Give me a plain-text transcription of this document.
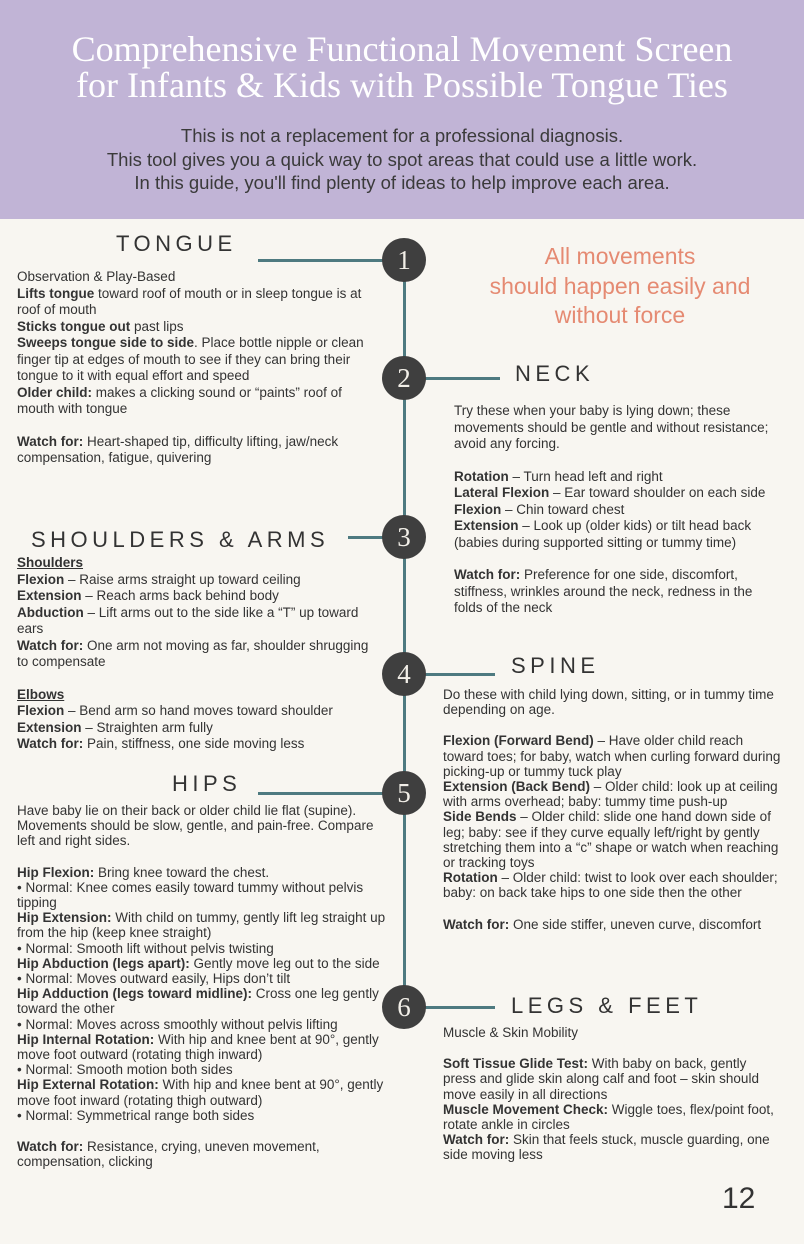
Comprehensive Functional Movement Screen
for Infants & Kids with Possible Tongue Ties
This is not a replacement for a professional diagnosis.
This tool gives you a quick way to spot areas that could use a little work.
In this guide, you'll find plenty of ideas to help improve each area.
1
2
3
4
5
6
All movements
should happen easily and
without force
TONGUE

Observation & Play-Based

Lifts tongue toward roof of mouth or in sleep tongue is at roof of mouth

Sticks tongue out past lips

Sweeps tongue side to side. Place bottle nipple or clean finger tip at edges of mouth to see if they can bring their tongue to it with equal effort and speed

Older child: makes a clicking sound or “paints” roof of mouth with tongue

Watch for: Heart-shaped tip, difficulty lifting, jaw/neck compensation, fatigue, quivering

NECK

Try these when your baby is lying down; these movements should be gentle and without resistance; avoid any forcing.

Rotation – Turn head left and right

Lateral Flexion – Ear toward shoulder on each side

Flexion – Chin toward chest

Extension – Look up (older kids) or tilt head back (babies during supported sitting or tummy time)

Watch for: Preference for one side, discomfort, stiffness, wrinkles around the neck, redness in the folds of the neck

SHOULDERS & ARMS

Shoulders

Flexion – Raise arms straight up toward ceiling

Extension – Reach arms back behind body

Abduction – Lift arms out to the side like a “T” up toward ears

Watch for: One arm not moving as far, shoulder shrugging to compensate

Elbows

Flexion – Bend arm so hand moves toward shoulder

Extension – Straighten arm fully

Watch for: Pain, stiffness, one side moving less

SPINE

Do these with child lying down, sitting, or in tummy time depending on age.

Flexion (Forward Bend) – Have older child reach toward toes; for baby, watch when curling forward during picking-up or tummy tuck play

Extension (Back Bend) – Older child: look up at ceiling with arms overhead; baby: tummy time push-up

Side Bends – Older child: slide one hand down side of leg; baby: see if they curve equally left/right by gently stretching them into a “c” shape or watch when reaching or tracking toys

Rotation – Older child: twist to look over each shoulder; baby: on back take hips to one side then the other

Watch for: One side stiffer, uneven curve, discomfort

HIPS

Have baby lie on their back or older child lie flat (supine). Movements should be slow, gentle, and pain-free. Compare left and right sides.

Hip Flexion: Bring knee toward the chest.

• Normal: Knee comes easily toward tummy without pelvis tipping

Hip Extension: With child on tummy, gently lift leg straight up from the hip (keep knee straight)

• Normal: Smooth lift without pelvis twisting

Hip Abduction (legs apart): Gently move leg out to the side

• Normal: Moves outward easily, Hips don’t tilt

Hip Adduction (legs toward midline): Cross one leg gently toward the other

• Normal: Moves across smoothly without pelvis lifting

Hip Internal Rotation: With hip and knee bent at 90°, gently move foot outward (rotating thigh inward)

• Normal: Smooth motion both sides

Hip External Rotation: With hip and knee bent at 90°, gently move foot inward (rotating thigh outward)

• Normal: Symmetrical range both sides

Watch for: Resistance, crying, uneven movement, compensation, clicking

LEGS & FEET

Muscle & Skin Mobility

Soft Tissue Glide Test: With baby on back, gently press and glide skin along calf and foot – skin should move easily in all directions

Muscle Movement Check: Wiggle toes, flex/point foot, rotate ankle in circles

Watch for: Skin that feels stuck, muscle guarding, one side moving less

12
